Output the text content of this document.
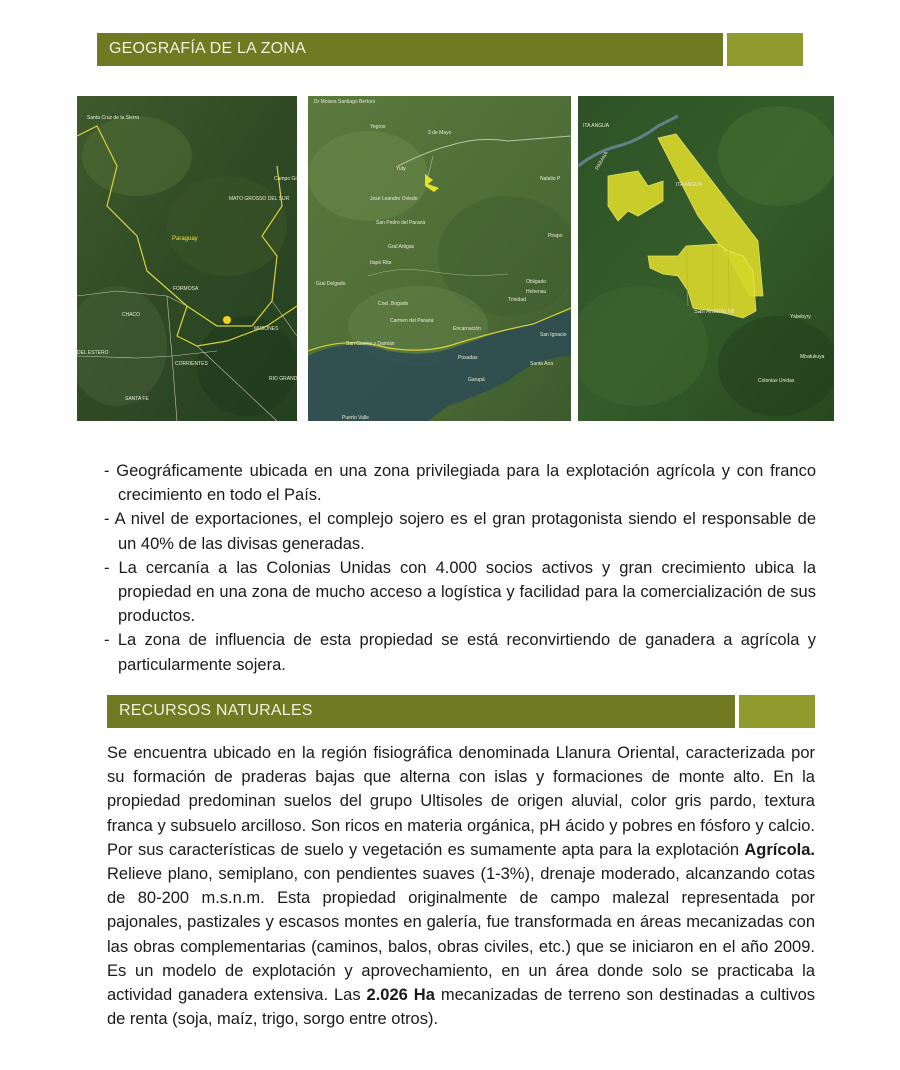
GEOGRAFÍA DE LA ZONA
Santa Cruz de la Sierra
Campo Gr
MATO GROSSO DEL SUR
Paraguay
FORMOSA
CHACO
MISIONES
DEL ESTERO
CORRIENTES
RIO GRAND
SANTA FE
Dr Moises Santiago Bertoni
Yegros
3 de Mayo
Natalio P
Yuty
José Leandro Oviedo
San Pedro del Paraná
Pirapo
Gral Artigas
Itapé Rita
Gral Delgado	Obligado
Hohenau
Trinidad
Cnel. Bogado
Carmen del Paraná
Encarnación
San Ignacio
San Cosme y Damián
Posadas
Santa Ana
Garupá
Puerto Valle
ITA ANGUA
ITA ANGUA
PARANÁ
San Antonio Mi
Yabebyry
Mbatukuya
Colonias Unidas
- Geográficamente ubicada en una zona privilegiada para la explotación agrícola y con franco crecimiento en todo el País.
- A nivel de exportaciones, el complejo sojero es el gran protagonista siendo el responsable de un 40% de las divisas generadas.
- La cercanía a las Colonias Unidas con 4.000 socios activos y gran crecimiento ubica la propiedad en una zona de mucho acceso a logística y facilidad para la comercialización de sus productos.
- La zona de influencia de esta propiedad se está reconvirtiendo de ganadera a agrícola y particularmente sojera.
RECURSOS NATURALES

Se encuentra ubicado en la región fisiográfica denominada Llanura Oriental, caracterizada por su formación de praderas bajas que alterna con islas y formaciones de monte alto. En la propiedad predominan suelos del grupo Ultisoles de origen aluvial, color gris pardo, textura franca y subsuelo arcilloso. Son ricos en materia orgánica, pH ácido y pobres en fósforo y calcio. Por sus características de suelo y vegetación es sumamente apta para la explotación Agrícola. Relieve plano, semiplano, con pendientes suaves (1-3%), drenaje moderado, alcanzando cotas de 80-200 m.s.n.m. Esta propiedad originalmente de campo malezal representada por pajonales, pastizales y escasos montes en galería, fue transformada en áreas mecanizadas con las obras complementarias (caminos, balos, obras civiles, etc.) que se iniciaron en el año 2009. Es un modelo de explotación y aprovechamiento, en un área donde solo se practicaba la actividad ganadera extensiva. Las 2.026 Ha mecanizadas de terreno son destinadas a cultivos de renta (soja, maíz, trigo, sorgo entre otros).
